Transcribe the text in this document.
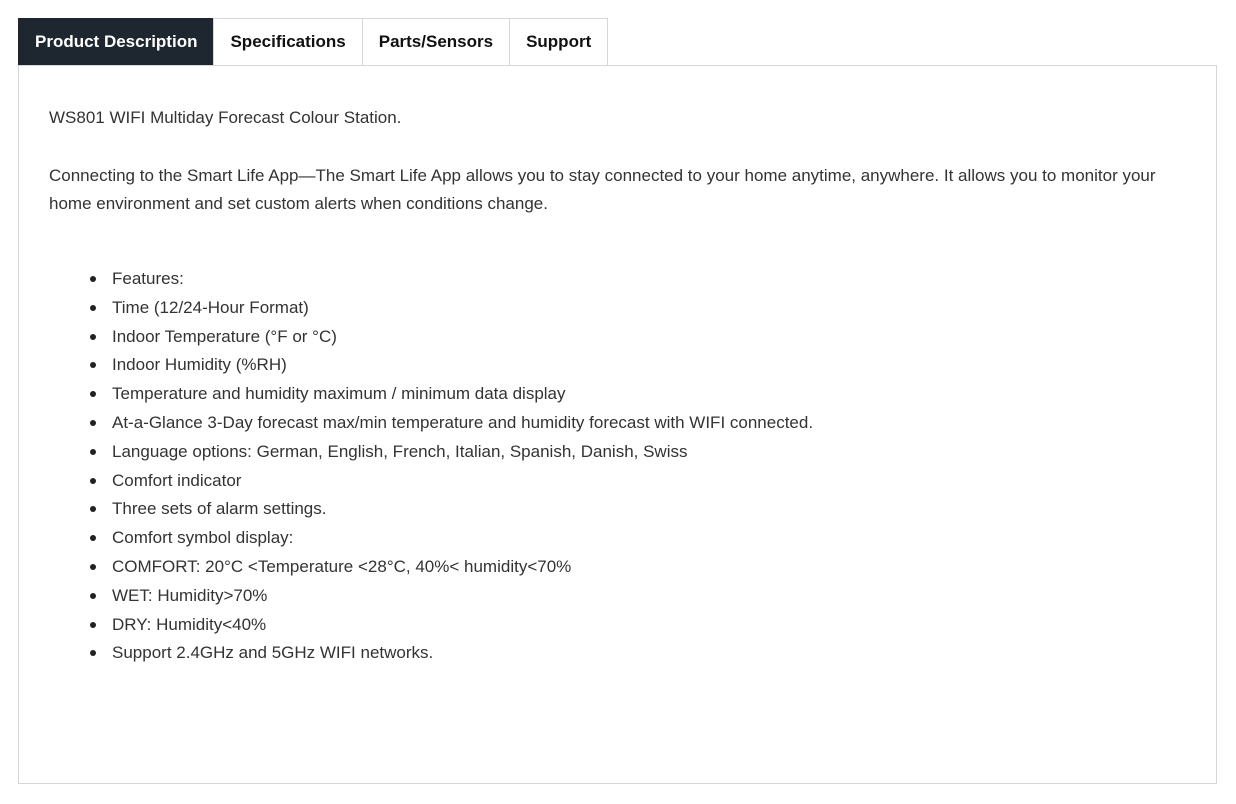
Product Description	Specifications	Parts/Sensors	Support

WS801 WIFI Multiday Forecast Colour Station.

Connecting to the Smart Life App—The Smart Life App allows you to stay connected to your home anytime, anywhere. It allows you to monitor your home environment and set custom alerts when conditions change.

Features:
Time (12/24-Hour Format)
Indoor Temperature (°F or °C)
Indoor Humidity (%RH)
Temperature and humidity maximum / minimum data display
At-a-Glance 3-Day forecast max/min temperature and humidity forecast with WIFI connected.
Language options: German, English, French, Italian, Spanish, Danish, Swiss
Comfort indicator
Three sets of alarm settings.
Comfort symbol display:
COMFORT: 20°C <Temperature <28°C, 40%< humidity<70%
WET: Humidity>70%
DRY: Humidity<40%
Support 2.4GHz and 5GHz WIFI networks.
